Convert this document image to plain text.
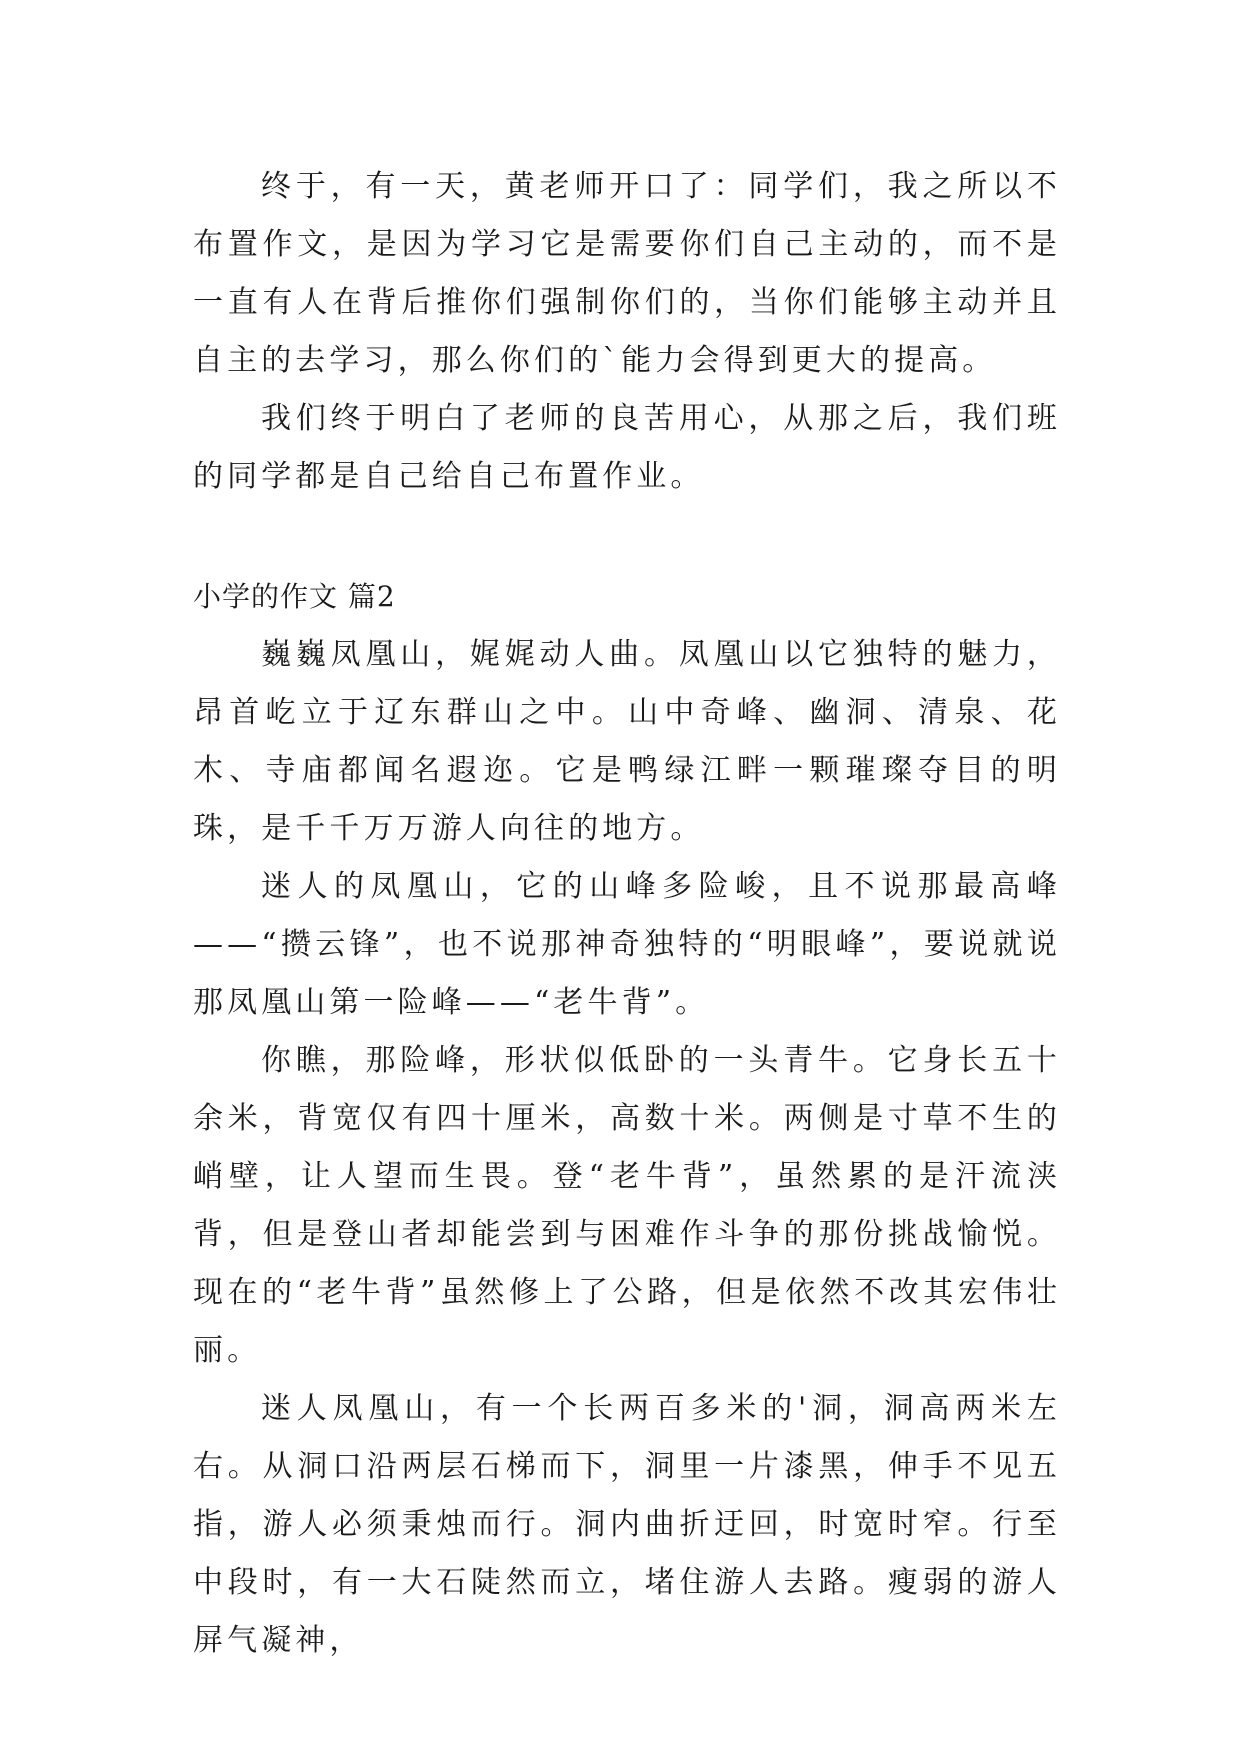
终于，有一天，黄老师开口了：同学们，我之所以不布置作文，是因为学习它是需要你们自己主动的，而不是一直有人在背后推你们强制你们的，当你们能够主动并且自主的去学习，那么你们的`能力会得到更大的提高。

我们终于明白了老师的良苦用心，从那之后，我们班的同学都是自己给自己布置作业。

小学的作文 篇2

巍巍凤凰山，娓娓动人曲。凤凰山以它独特的魅力，昂首屹立于辽东群山之中。山中奇峰、幽洞、清泉、花木、寺庙都闻名遐迩。它是鸭绿江畔一颗璀璨夺目的明珠，是千千万万游人向往的地方。

迷人的凤凰山，它的山峰多险峻，且不说那最高峰——“攒云锋”，也不说那神奇独特的“明眼峰”，要说就说那凤凰山第一险峰——“老牛背”。

你瞧，那险峰，形状似低卧的一头青牛。它身长五十余米，背宽仅有四十厘米，高数十米。两侧是寸草不生的峭壁，让人望而生畏。登“老牛背”，虽然累的是汗流浃背，但是登山者却能尝到与困难作斗争的那份挑战愉悦。现在的“老牛背”虽然修上了公路，但是依然不改其宏伟壮丽。

迷人凤凰山，有一个长两百多米的'洞，洞高两米左右。从洞口沿两层石梯而下，洞里一片漆黑，伸手不见五指，游人必须秉烛而行。洞内曲折迂回，时宽时窄。行至中段时，有一大石陡然而立，堵住游人去路。瘦弱的游人屏气凝神，
